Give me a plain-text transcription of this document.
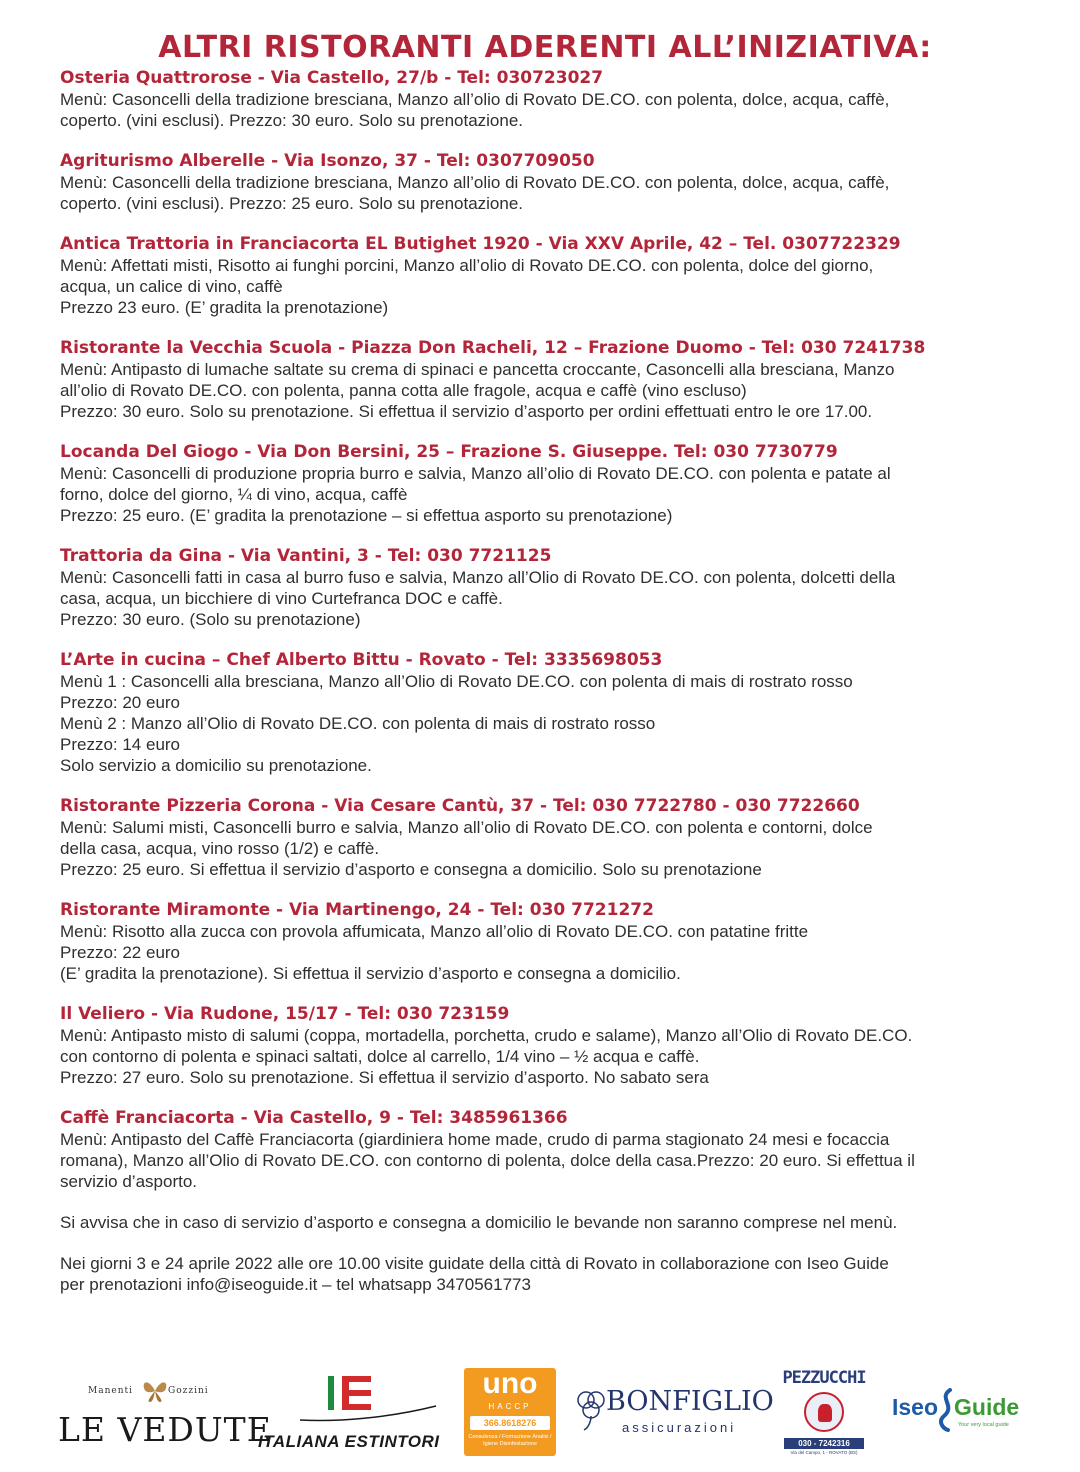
ALTRI RISTORANTI ADERENTI ALL’INIZIATIVA:
Osteria Quattrorose - Via Castello, 27/b - Tel: 030723027
Menù: Casoncelli della tradizione bresciana, Manzo all’olio di Rovato DE.CO. con polenta, dolce, acqua, caffè,
coperto. (vini esclusi). Prezzo: 30 euro. Solo su prenotazione.
Agriturismo Alberelle - Via Isonzo, 37 - Tel: 0307709050
Menù: Casoncelli della tradizione bresciana, Manzo all’olio di Rovato DE.CO. con polenta, dolce, acqua, caffè,
coperto. (vini esclusi). Prezzo: 25 euro. Solo su prenotazione.
Antica Trattoria in Franciacorta EL Butighet 1920 - Via XXV Aprile, 42 – Tel. 0307722329
Menù: Affettati misti, Risotto ai funghi porcini, Manzo all’olio di Rovato DE.CO. con polenta, dolce del giorno,
acqua, un calice di vino, caffè
Prezzo 23 euro. (E’ gradita la prenotazione)
Ristorante la Vecchia Scuola - Piazza Don Racheli, 12 – Frazione Duomo - Tel: 030 7241738
Menù: Antipasto di lumache saltate su crema di spinaci e pancetta croccante, Casoncelli alla bresciana, Manzo
all’olio di Rovato DE.CO. con polenta, panna cotta alle fragole, acqua e caffè (vino escluso)
Prezzo: 30 euro. Solo su prenotazione. Si effettua il servizio d’asporto per ordini effettuati entro le ore 17.00.
Locanda Del Giogo - Via Don Bersini, 25 – Frazione S. Giuseppe. Tel: 030 7730779
Menù: Casoncelli di produzione propria burro e salvia, Manzo all’olio di Rovato DE.CO. con polenta e patate al
forno, dolce del giorno, ¼ di vino, acqua, caffè
Prezzo: 25 euro. (E’ gradita la prenotazione – si effettua asporto su prenotazione)
Trattoria da Gina - Via Vantini, 3 - Tel: 030 7721125
Menù: Casoncelli fatti in casa al burro fuso e salvia, Manzo all’Olio di Rovato DE.CO. con polenta, dolcetti della
casa, acqua, un bicchiere di vino Curtefranca DOC e caffè.
Prezzo: 30 euro. (Solo su prenotazione)
L’Arte in cucina – Chef Alberto Bittu - Rovato - Tel: 3335698053
Menù 1 : Casoncelli alla bresciana, Manzo all’Olio di Rovato DE.CO. con polenta di mais di rostrato rosso
Prezzo: 20 euro
Menù 2 : Manzo all’Olio di Rovato DE.CO. con polenta di mais di rostrato rosso
Prezzo: 14 euro
Solo servizio a domicilio su prenotazione.
Ristorante Pizzeria Corona - Via Cesare Cantù, 37 - Tel: 030 7722780 - 030 7722660
Menù: Salumi misti, Casoncelli burro e salvia, Manzo all’olio di Rovato DE.CO. con polenta e contorni, dolce
della casa, acqua, vino rosso (1/2) e caffè.
Prezzo: 25 euro. Si effettua il servizio d’asporto e consegna a domicilio. Solo su prenotazione
Ristorante Miramonte - Via Martinengo, 24 - Tel: 030 7721272
Menù: Risotto alla zucca con provola affumicata, Manzo all’olio di Rovato DE.CO. con patatine fritte
Prezzo: 22 euro
(E’ gradita la prenotazione). Si effettua il servizio d’asporto e consegna a domicilio.
Il Veliero - Via Rudone, 15/17 - Tel: 030 723159
Menù: Antipasto misto di salumi (coppa, mortadella, porchetta, crudo e salame), Manzo all’Olio di Rovato DE.CO.
con contorno di polenta e spinaci saltati, dolce al carrello, 1/4 vino – ½ acqua e caffè.
Prezzo: 27 euro. Solo su prenotazione. Si effettua il servizio d’asporto. No sabato sera
Caffè Franciacorta - Via Castello, 9 - Tel: 3485961366
Menù: Antipasto del Caffè Franciacorta (giardiniera home made, crudo di parma stagionato 24 mesi e focaccia
romana), Manzo all’Olio di Rovato DE.CO. con contorno di polenta, dolce della casa.Prezzo: 20 euro. Si effettua il
servizio d’asporto.
Si avvisa che in caso di servizio d’asporto e consegna a domicilio le bevande non saranno comprese nel menù.
Nei giorni 3 e 24 aprile 2022 alle ore 10.00 visite guidate della città di Rovato in collaborazione con Iseo Guide
per prenotazioni info@iseoguide.it – tel whatsapp 3470561773
Manenti	Gozzini
LE VEDUTE
ITALIANA ESTINTORI
uno
HACCP
366.8618276
Consulenza / Formazione Analisi / Igiene Disinfestazione
BONFIGLIO
assicurazioni
PEZZUCCHI
030 - 7242316
Via del Campo, 1 - ROVATO (BS)
Iseo Guide
Your very local guide
